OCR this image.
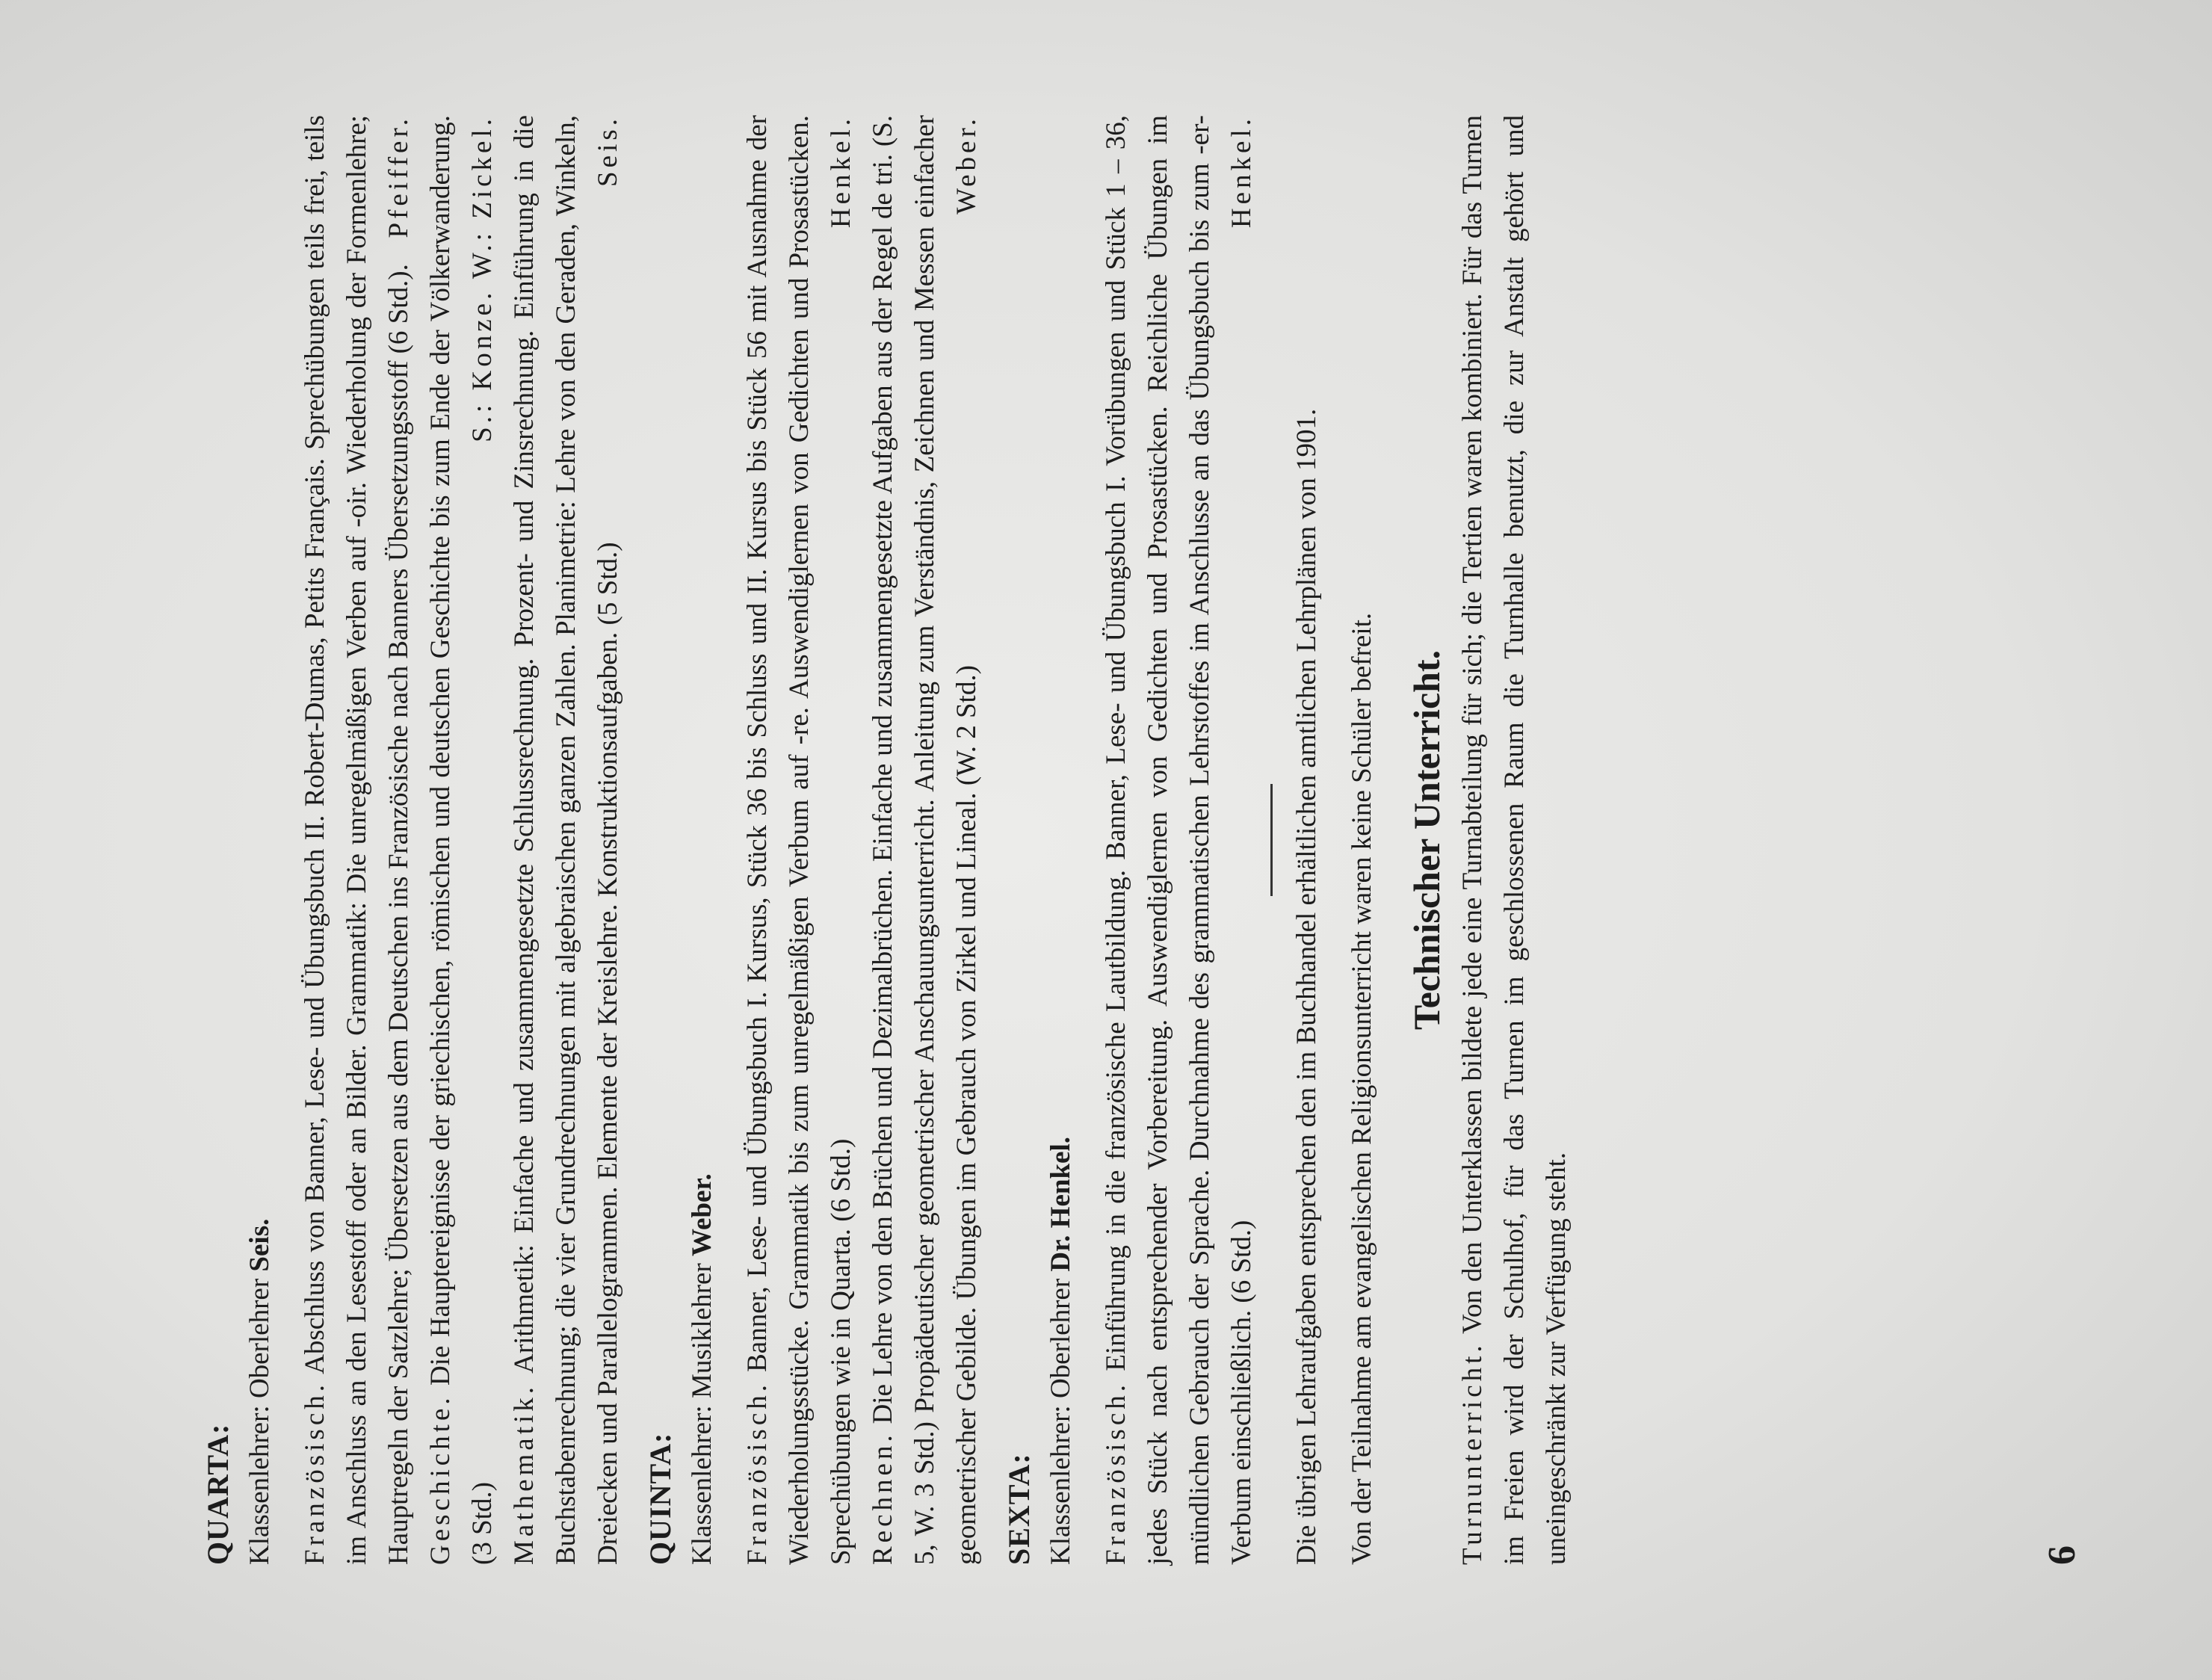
QUARTA: Klassenlehrer: Oberlehrer Seis.

Französisch. Abschluss von Banner, Lese- und Übungsbuch II. Robert-Dumas, Petits Français. Sprechübungen teils frei, teils im Anschluss an den Lesestoff oder an Bilder. Grammatik: Die unregelmäßigen Verben auf -oir. Wiederholung der Formenlehre; Hauptregeln der Satzlehre; Übersetzen aus dem Deutschen ins Französische nach Banners Übersetzungsstoff (6 Std.).
Pfeiffer.

Geschichte. Die Hauptereignisse der griechischen, römischen und deutschen Geschichte bis zum Ende der Völkerwanderung. (3 Std.)
S.: Konze. W.: Zickel.

Mathematik. Arithmetik: Einfache und zusammengesetzte Schlussrechnung. Prozent- und Zinsrechnung. Einführung in die Buchstabenrechnung; die vier Grundrechnungen mit algebraischen ganzen Zahlen. Planimetrie: Lehre von den Geraden, Winkeln, Dreiecken und Parallelogrammen. Elemente der Kreislehre. Konstruktionsaufgaben. (5 Std.)
Seis.

QUINTA: Klassenlehrer: Musiklehrer Weber.

Französisch. Banner, Lese- und Übungsbuch I. Kursus, Stück 36 bis Schluss und II. Kursus bis Stück 56 mit Ausnahme der Wiederholungsstücke. Grammatik bis zum unregelmäßigen Verbum auf -re. Auswendiglernen von Gedichten und Prosastücken. Sprechübungen wie in Quarta. (6 Std.)
Henkel.

Rechnen. Die Lehre von den Brüchen und Dezimalbrüchen. Einfache und zusammengesetzte Aufgaben aus der Regel de tri. (S. 5, W. 3 Std.) Propädeutischer geometrischer Anschauungsunterricht. Anleitung zum Verständnis, Zeichnen und Messen einfacher geometrischer Gebilde. Übungen im Gebrauch von Zirkel und Lineal. (W. 2 Std.)
Weber.

SEXTA: Klassenlehrer: Oberlehrer Dr. Henkel.

Französisch. Einführung in die französische Lautbildung. Banner, Lese- und Übungsbuch I. Vorübungen und Stück 1 – 36, jedes Stück nach entsprechender Vorbereitung. Auswendiglernen von Gedichten und Prosastücken. Reichliche Übungen im mündlichen Gebrauch der Sprache. Durchnahme des grammatischen Lehrstoffes im Anschlusse an das Übungsbuch bis zum -er-Verbum einschließlich. (6 Std.)
Henkel.

Die übrigen Lehraufgaben entsprechen den im Buchhandel erhältlichen amtlichen Lehrplänen von 1901. Von der Teilnahme am evangelischen Religionsunterricht waren keine Schüler befreit. Technischer Unterricht.

Turnunterricht. Von den Unterklassen bildete jede eine Turnabteilung für sich; die Tertien waren kombiniert. Für das Turnen im Freien wird der Schulhof, für das Turnen im geschlossenen Raum die Turnhalle benutzt, die zur Anstalt gehört und uneingeschränkt zur Verfügung steht.	6
